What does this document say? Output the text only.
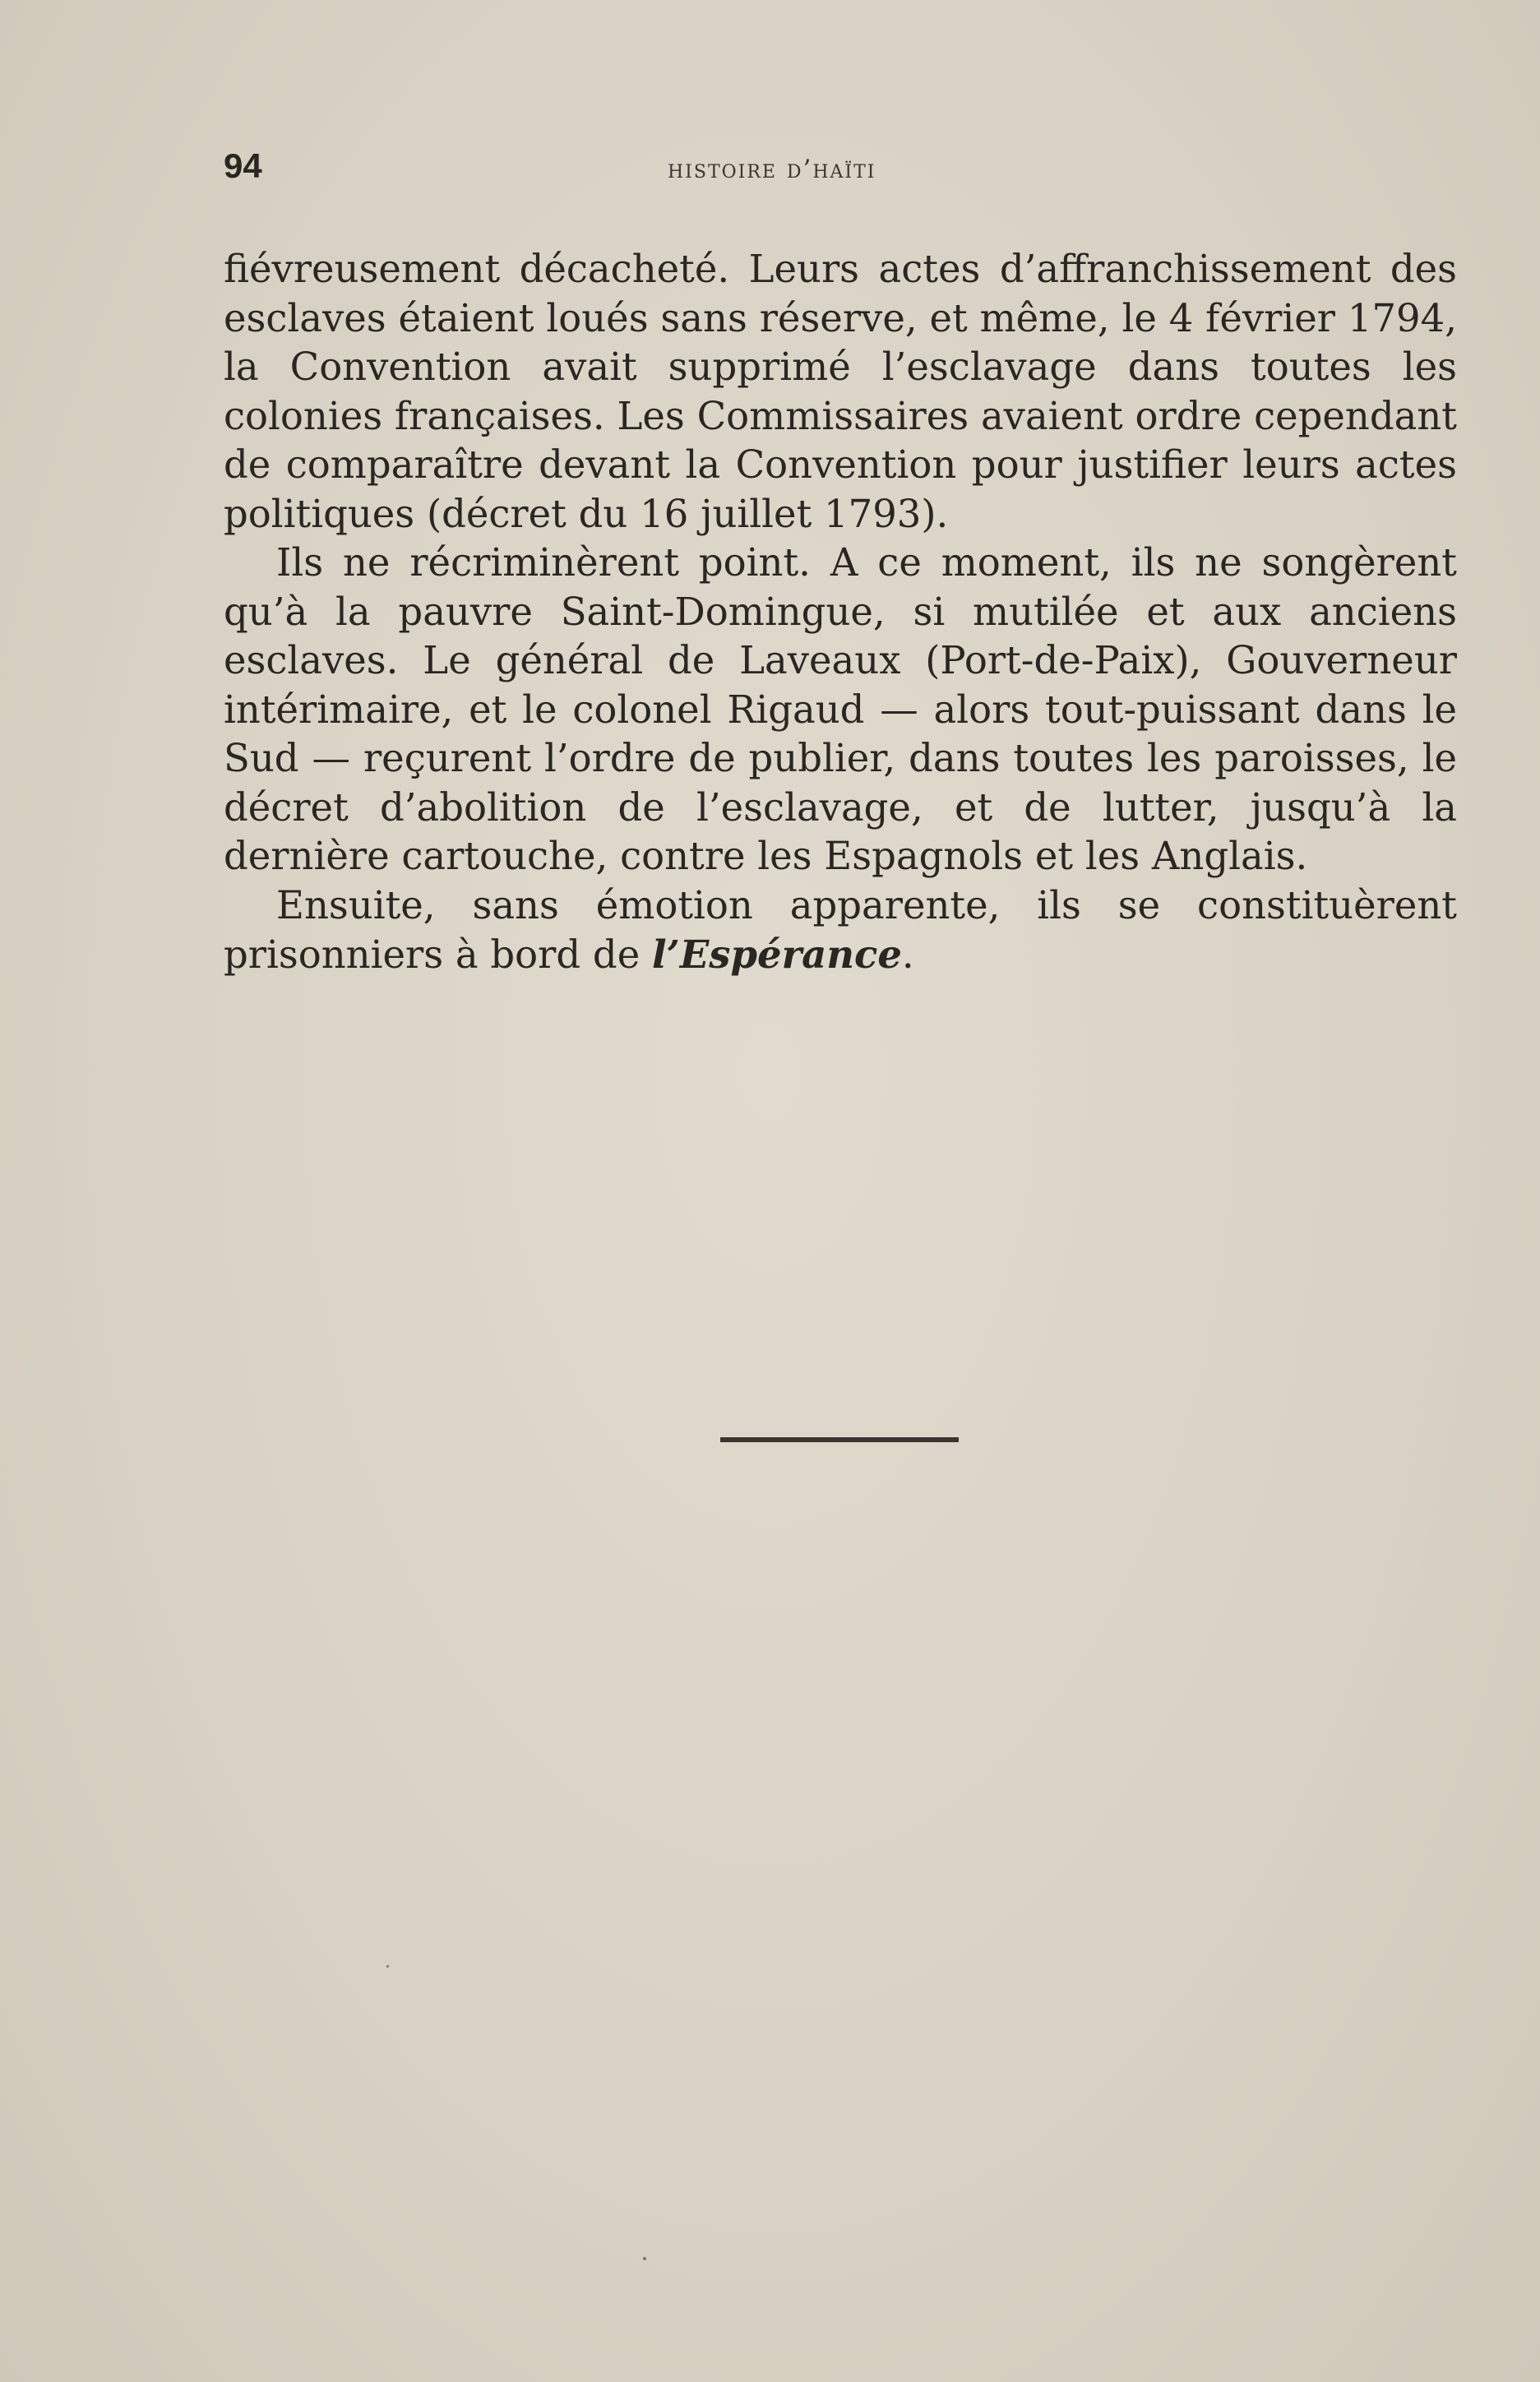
94	histoire d’haïti

fiévreusement décacheté. Leurs actes d’affranchissement des esclaves étaient loués sans réserve, et même, le 4 février 1794, la Convention avait supprimé l’esclavage dans toutes les colonies françaises. Les Commissaires avaient ordre cependant de comparaître devant la Convention pour justifier leurs actes politiques (décret du 16 juillet 1793).

Ils ne récriminèrent point. A ce moment, ils ne songèrent qu’à la pauvre Saint-Domingue, si mutilée et aux anciens esclaves. Le général de Laveaux (Port-de-Paix), Gouverneur intérimaire, et le colonel Rigaud — alors tout-puissant dans le Sud — reçurent l’ordre de publier, dans toutes les paroisses, le décret d’abolition de l’esclavage, et de lutter, jusqu’à la dernière cartouche, contre les Espagnols et les Anglais.

Ensuite, sans émotion apparente, ils se constituèrent prisonniers à bord de l’Espérance.
